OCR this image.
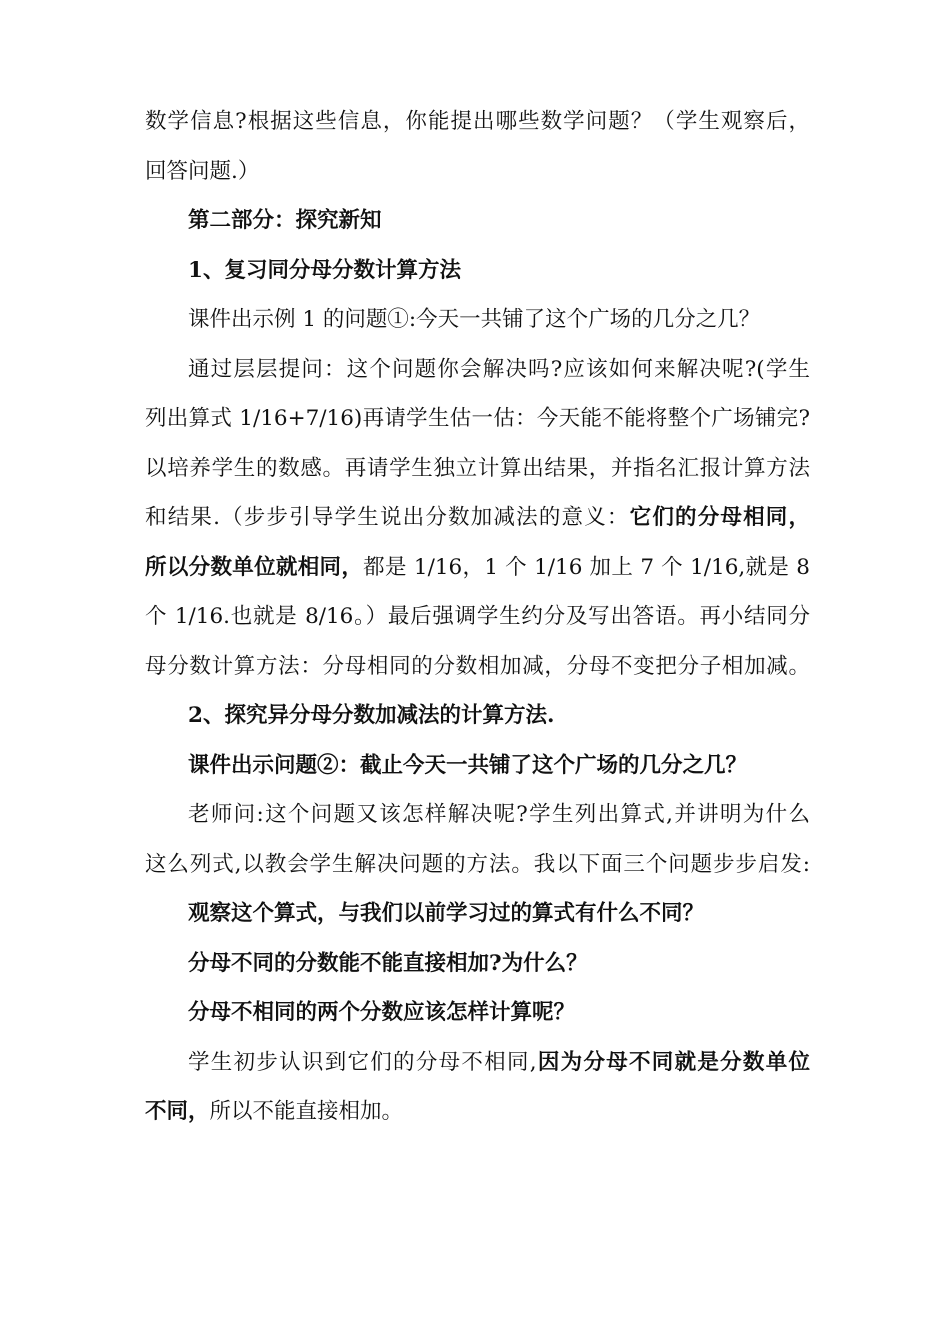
数学信息?根据这些信息，你能提出哪些数学问题？（学生观察后，
回答问题.）
第二部分：探究新知
1、复习同分母分数计算方法
课件出示例 1 的问题①:今天一共铺了这个广场的几分之几？
通过层层提问：这个问题你会解决吗?应该如何来解决呢?(学生
列出算式 1/16+7/16)再请学生估一估：今天能不能将整个广场铺完?
以培养学生的数感。再请学生独立计算出结果，并指名汇报计算方法
和结果.（步步引导学生说出分数加减法的意义：它们的分母相同，
所以分数单位就相同，都是 1/16，1 个 1/16 加上 7 个 1/16,就是 8
个 1/16.也就是 8/16。）最后强调学生约分及写出答语。再小结同分
母分数计算方法：分母相同的分数相加减，分母不变把分子相加减。
2、探究异分母分数加减法的计算方法.
课件出示问题②：截止今天一共铺了这个广场的几分之几？
老师问:这个问题又该怎样解决呢?学生列出算式,并讲明为什么
这么列式,以教会学生解决问题的方法。我以下面三个问题步步启发:
观察这个算式，与我们以前学习过的算式有什么不同？
分母不同的分数能不能直接相加?为什么？
分母不相同的两个分数应该怎样计算呢？
学生初步认识到它们的分母不相同,因为分母不同就是分数单位
不同，所以不能直接相加。
